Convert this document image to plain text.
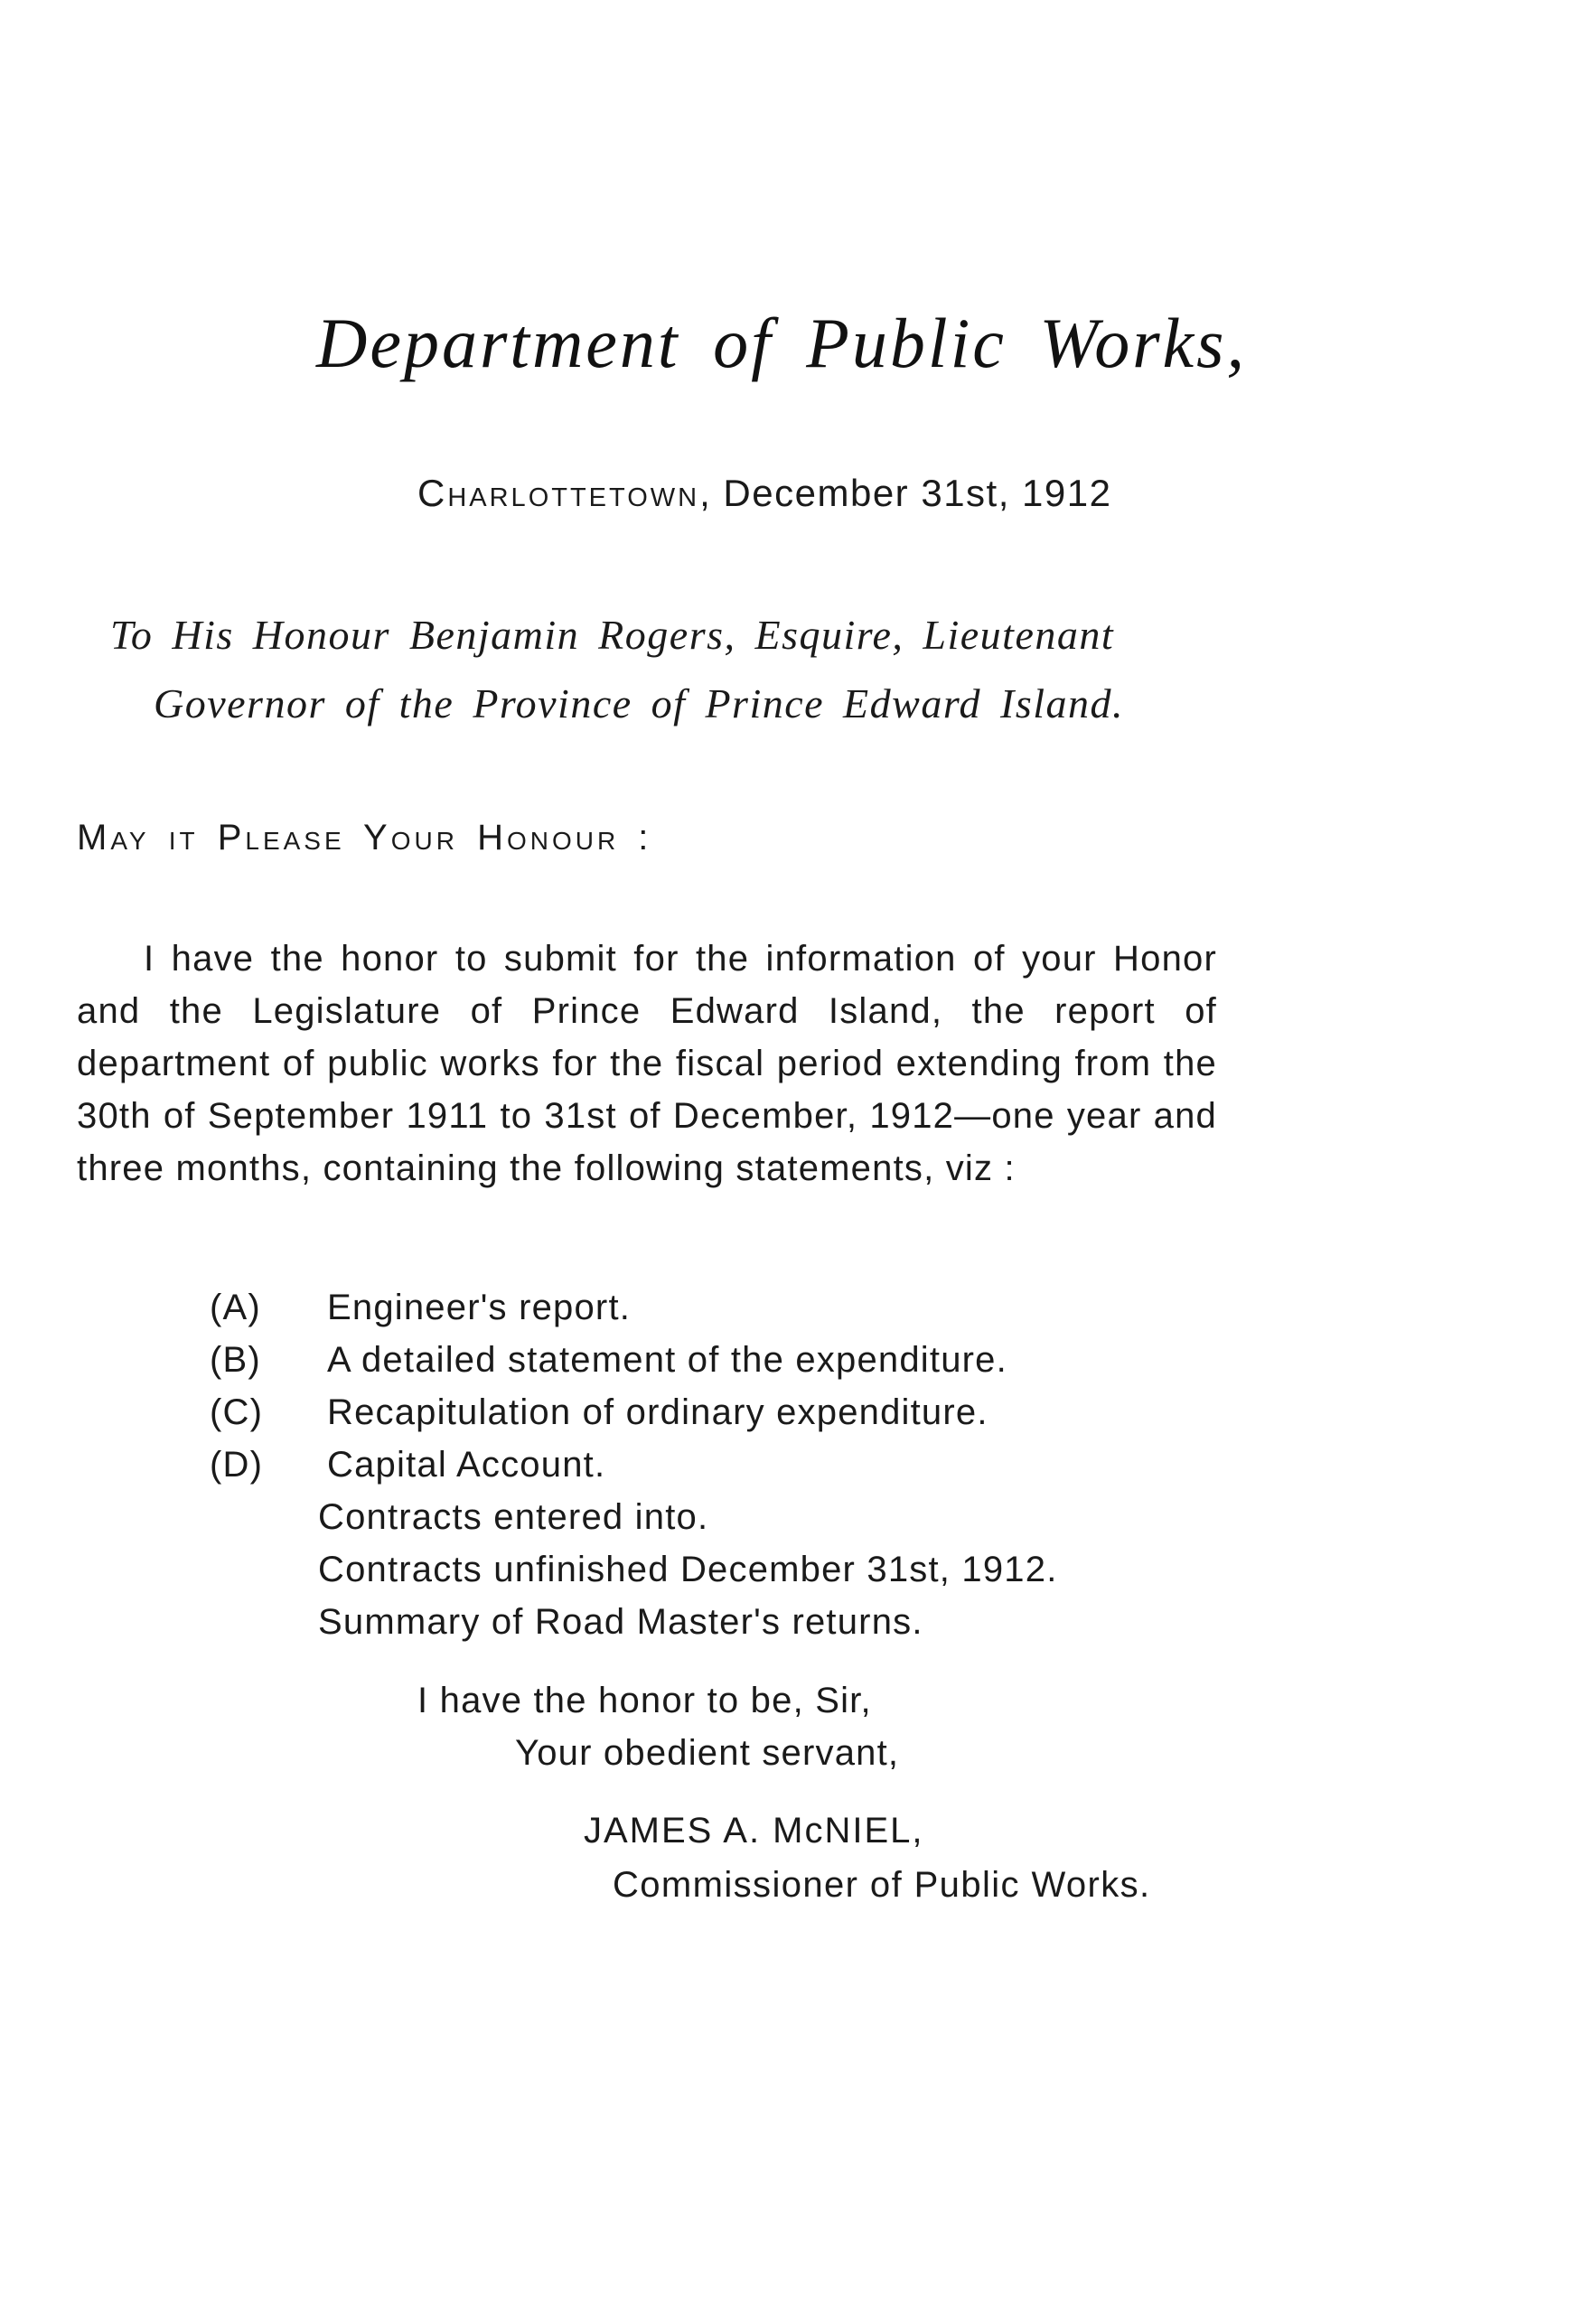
Department of Public Works,
Charlottetown, December 31st, 1912
To His Honour Benjamin Rogers, Esquire, Lieutenant
Governor of the Province of Prince Edward Island.
May it Please Your Honour :
I have the honor to submit for the information of your Honor and the Legislature of Prince Edward Island, the report of department of public works for the fiscal period extending from the 30th of September 1911 to 31st of December, 1912—one year and three months, containing the following statements, viz :
(A)	Engineer's report.
(B)	A detailed statement of the expenditure.
(C)	Recapitulation of ordinary expenditure.
(D)	Capital Account.
Contracts entered into.
Contracts unfinished December 31st, 1912.
Summary of Road Master's returns.
I have the honor to be, Sir,
Your obedient servant,
JAMES A. McNIEL,
Commissioner of Public Works.
